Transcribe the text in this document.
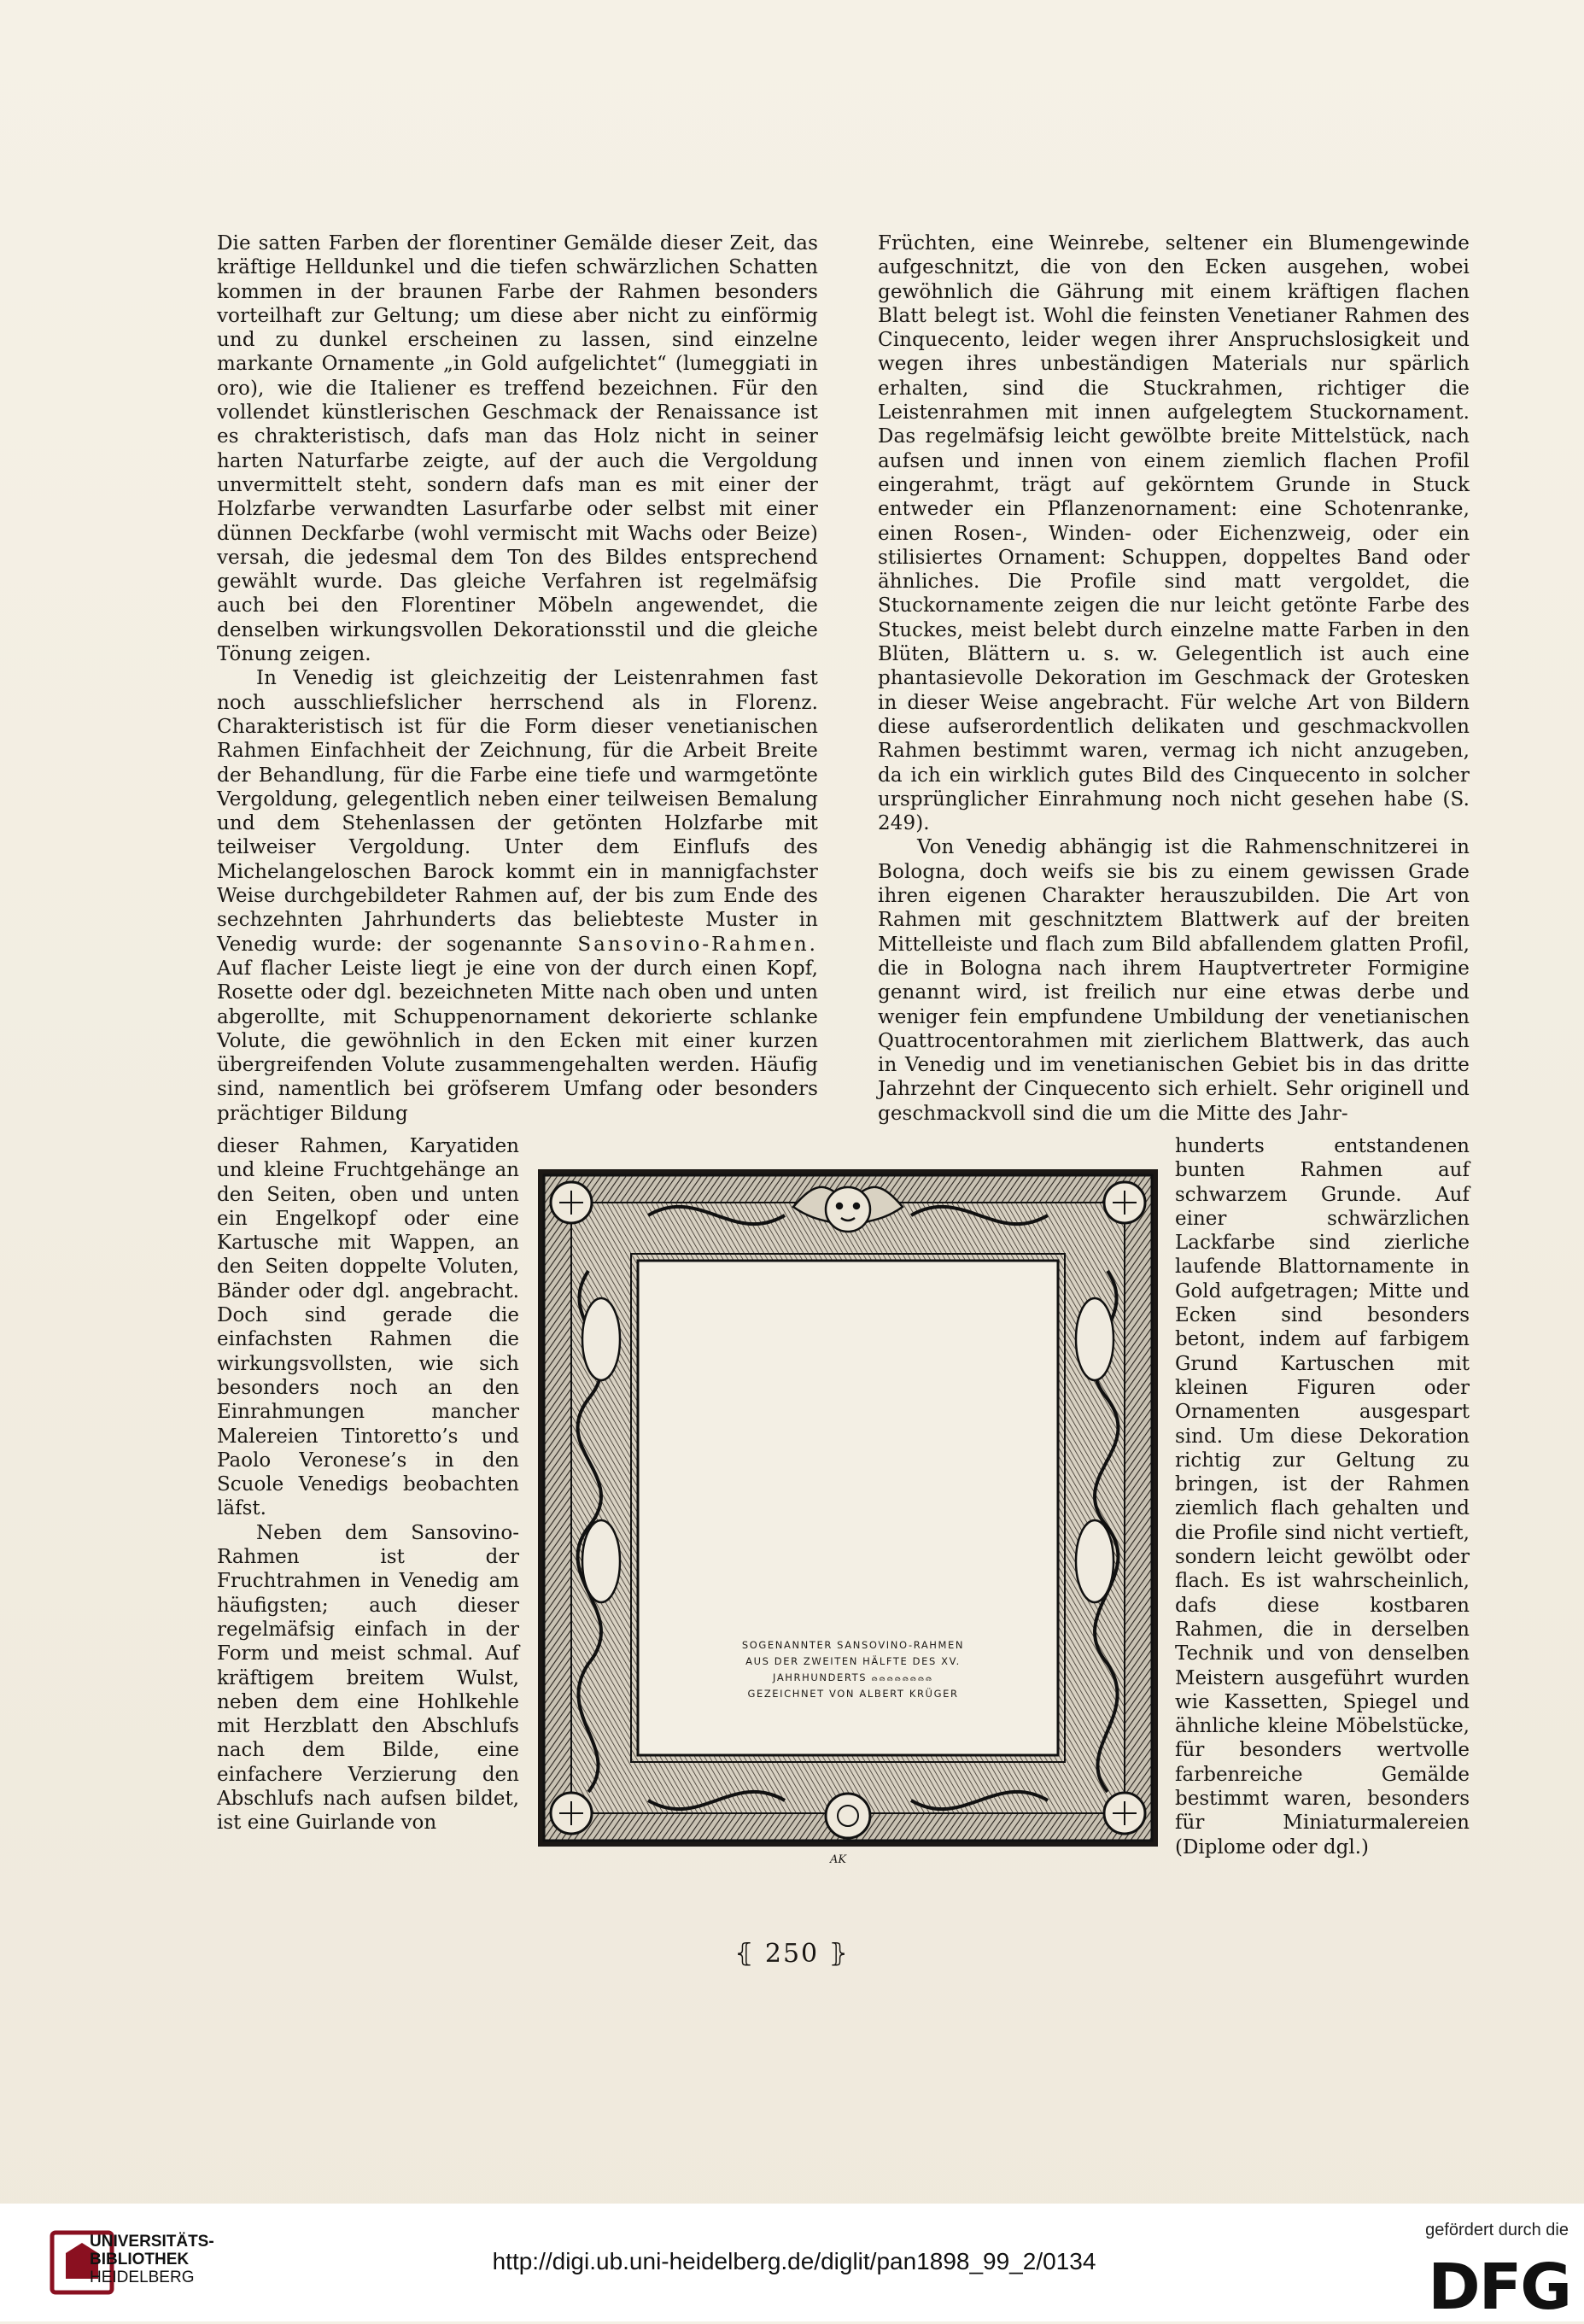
Die satten Farben der florentiner Gemälde dieser Zeit, das kräftige Helldunkel und die tiefen schwärzlichen Schatten kommen in der braunen Farbe der Rahmen besonders vorteilhaft zur Geltung; um diese aber nicht zu einförmig und zu dunkel erscheinen zu lassen, sind einzelne markante Ornamente „in Gold aufgelichtet“ (lumeggiati in oro), wie die Italiener es treffend bezeichnen. Für den vollendet künstlerischen Geschmack der Renaissance ist es chrakteristisch, dafs man das Holz nicht in seiner harten Naturfarbe zeigte, auf der auch die Vergoldung unvermittelt steht, sondern dafs man es mit einer der Holzfarbe verwandten Lasurfarbe oder selbst mit einer dünnen Deckfarbe (wohl vermischt mit Wachs oder Beize) versah, die jedesmal dem Ton des Bildes entsprechend gewählt wurde. Das gleiche Verfahren ist regelmäfsig auch bei den Florentiner Möbeln angewendet, die denselben wirkungsvollen Dekorationsstil und die gleiche Tönung zeigen.

In Venedig ist gleichzeitig der Leistenrahmen fast noch ausschliefslicher herrschend als in Florenz. Charakteristisch ist für die Form dieser venetianischen Rahmen Einfachheit der Zeichnung, für die Arbeit Breite der Behandlung, für die Farbe eine tiefe und warmgetönte Vergoldung, gelegentlich neben einer teilweisen Bemalung und dem Stehenlassen der getönten Holzfarbe mit teilweiser Vergoldung. Unter dem Einflufs des Michelangeloschen Barock kommt ein in mannigfachster Weise durchgebildeter Rahmen auf, der bis zum Ende des sechzehnten Jahrhunderts das beliebteste Muster in Venedig wurde: der sogenannte Sansovino-Rahmen. Auf flacher Leiste liegt je eine von der durch einen Kopf, Rosette oder dgl. bezeichneten Mitte nach oben und unten abgerollte, mit Schuppenornament dekorierte schlanke Volute, die gewöhnlich in den Ecken mit einer kurzen übergreifenden Volute zusammengehalten werden. Häufig sind, namentlich bei gröfserem Umfang oder besonders prächtiger Bildung

dieser Rahmen, Karyatiden und kleine Fruchtgehänge an den Seiten, oben und unten ein Engelkopf oder eine Kartusche mit Wappen, an den Seiten doppelte Voluten, Bänder oder dgl. angebracht. Doch sind gerade die einfachsten Rahmen die wirkungsvollsten, wie sich besonders noch an den Einrahmungen mancher Malereien Tintoretto’s und Paolo Veronese’s in den Scuole Venedigs beobachten läfst.

Neben dem Sansovino-Rahmen ist der Fruchtrahmen in Venedig am häufigsten; auch dieser regelmäfsig einfach in der Form und meist schmal. Auf kräftigem breitem Wulst, neben dem eine Hohlkehle mit Herzblatt den Abschlufs nach dem Bilde, eine einfachere Verzierung den Abschlufs nach aufsen bildet, ist eine Guirlande von

Früchten, eine Weinrebe, seltener ein Blumengewinde aufgeschnitzt, die von den Ecken ausgehen, wobei gewöhnlich die Gährung mit einem kräftigen flachen Blatt belegt ist. Wohl die feinsten Venetianer Rahmen des Cinquecento, leider wegen ihrer Anspruchslosigkeit und wegen ihres unbeständigen Materials nur spärlich erhalten, sind die Stuckrahmen, richtiger die Leistenrahmen mit innen aufgelegtem Stuckornament. Das regelmäfsig leicht gewölbte breite Mittelstück, nach aufsen und innen von einem ziemlich flachen Profil eingerahmt, trägt auf gekörntem Grunde in Stuck entweder ein Pflanzenornament: eine Schotenranke, einen Rosen-, Winden- oder Eichenzweig, oder ein stilisiertes Ornament: Schuppen, doppeltes Band oder ähnliches. Die Profile sind matt vergoldet, die Stuckornamente zeigen die nur leicht getönte Farbe des Stuckes, meist belebt durch einzelne matte Farben in den Blüten, Blättern u. s. w. Gelegentlich ist auch eine phantasievolle Dekoration im Geschmack der Grotesken in dieser Weise angebracht. Für welche Art von Bildern diese aufserordentlich delikaten und geschmackvollen Rahmen bestimmt waren, vermag ich nicht anzugeben, da ich ein wirklich gutes Bild des Cinquecento in solcher ursprünglicher Einrahmung noch nicht gesehen habe (S. 249).

Von Venedig abhängig ist die Rahmenschnitzerei in Bologna, doch weifs sie bis zu einem gewissen Grade ihren eigenen Charakter herauszubilden. Die Art von Rahmen mit geschnitztem Blattwerk auf der breiten Mittelleiste und flach zum Bild abfallendem glatten Profil, die in Bologna nach ihrem Hauptvertreter Formigine genannt wird, ist freilich nur eine etwas derbe und weniger fein empfundene Umbildung der venetianischen Quattrocentorahmen mit zierlichem Blattwerk, das auch in Venedig und im venetianischen Gebiet bis in das dritte Jahrzehnt der Cinquecento sich erhielt. Sehr originell und geschmackvoll sind die um die Mitte des Jahr-

hunderts entstandenen bunten Rahmen auf schwarzem Grunde. Auf einer schwärzlichen Lackfarbe sind zierliche laufende Blattornamente in Gold aufgetragen; Mitte und Ecken sind besonders betont, indem auf farbigem Grund Kartuschen mit kleinen Figuren oder Ornamenten ausgespart sind. Um diese Dekoration richtig zur Geltung zu bringen, ist der Rahmen ziemlich flach gehalten und die Profile sind nicht vertieft, sondern leicht gewölbt oder flach. Es ist wahrscheinlich, dafs diese kostbaren Rahmen, die in derselben Technik und von denselben Meistern ausgeführt wurden wie Kassetten, Spiegel und ähnliche kleine Möbelstücke, für besonders wertvolle farbenreiche Gemälde bestimmt waren, besonders für Miniaturmalereien (Diplome oder dgl.)

SOGENANNTER SANSOVINO-RAHMEN
AUS DER ZWEITEN HÄLFTE DES XV.
JAHRHUNDERTS ෬෬෬෬෬෬෬෬
GEZEICHNET VON ALBERT KRÜGER
AK
⦃ 250 ⦄
UNIVERSITÄTS-
BIBLIOTHEK
HEIDELBERG
http://digi.ub.uni-heidelberg.de/diglit/pan1898_99_2/0134
gefördert durch die
DFG
